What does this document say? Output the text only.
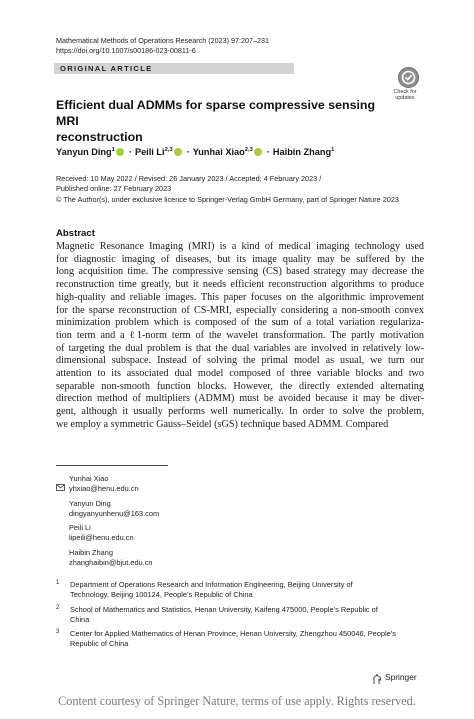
Mathematical Methods of Operations Research (2023) 97:207–231
https://doi.org/10.1007/s00186-023-00811-6
ORIGINAL ARTICLE
Check for
updates
Efficient dual ADMMs for sparse compressive sensing MRI
reconstruction
Yanyun Ding$^1$ · Peili Li$^{2,3}$ · Yunhai Xiao$^{2,3}$ · Haibin Zhang$^1$
Received: 10 May 2022 / Revised: 26 January 2023 / Accepted: 4 February 2023 /
Published online: 27 February 2023
© The Author(s), under exclusive licence to Springer-Verlag GmbH Germany, part of Springer Nature 2023
Abstract
Magnetic Resonance Imaging (MRI) is a kind of medical imaging technology used
for diagnostic imaging of diseases, but its image quality may be suffered by the
long acquisition time. The compressive sensing (CS) based strategy may decrease the
reconstruction time greatly, but it needs efficient reconstruction algorithms to produce
high-quality and reliable images. This paper focuses on the algorithmic improvement
for the sparse reconstruction of CS-MRI, especially considering a non-smooth convex
minimization problem which is composed of the sum of a total variation regulariza-
tion term and a ℓ1-norm term of the wavelet transformation. The partly motivation
of targeting the dual problem is that the dual variables are involved in relatively low-
dimensional subspace. Instead of solving the primal model as usual, we turn our
attention to its associated dual model composed of three variable blocks and two
separable non-smooth function blocks. However, the directly extended alternating
direction method of multipliers (ADMM) must be avoided because it may be diver-
gent, although it usually performs well numerically. In order to solve the problem,
we employ a symmetric Gauss–Seidel (sGS) technique based ADMM. Compared
Yunhai Xiao
yhxiao@henu.edu.cn
Yanyun Ding
dingyanyunhenu@163.com
Peili Li
lipeili@henu.edu.cn
Haibin Zhang
zhanghaibin@bjut.edu.cn
1 Department of Operations Research and Information Engineering, Beijing University of
Technology, Beijing 100124, People’s Republic of China
2 School of Mathematics and Statistics, Henan University, Kaifeng 475000, People’s Republic of
China
3 Center for Applied Mathematics of Henan Province, Henan University, Zhengzhou 450046, People’s
Republic of China
Springer
Content courtesy of Springer Nature, terms of use apply. Rights reserved.
